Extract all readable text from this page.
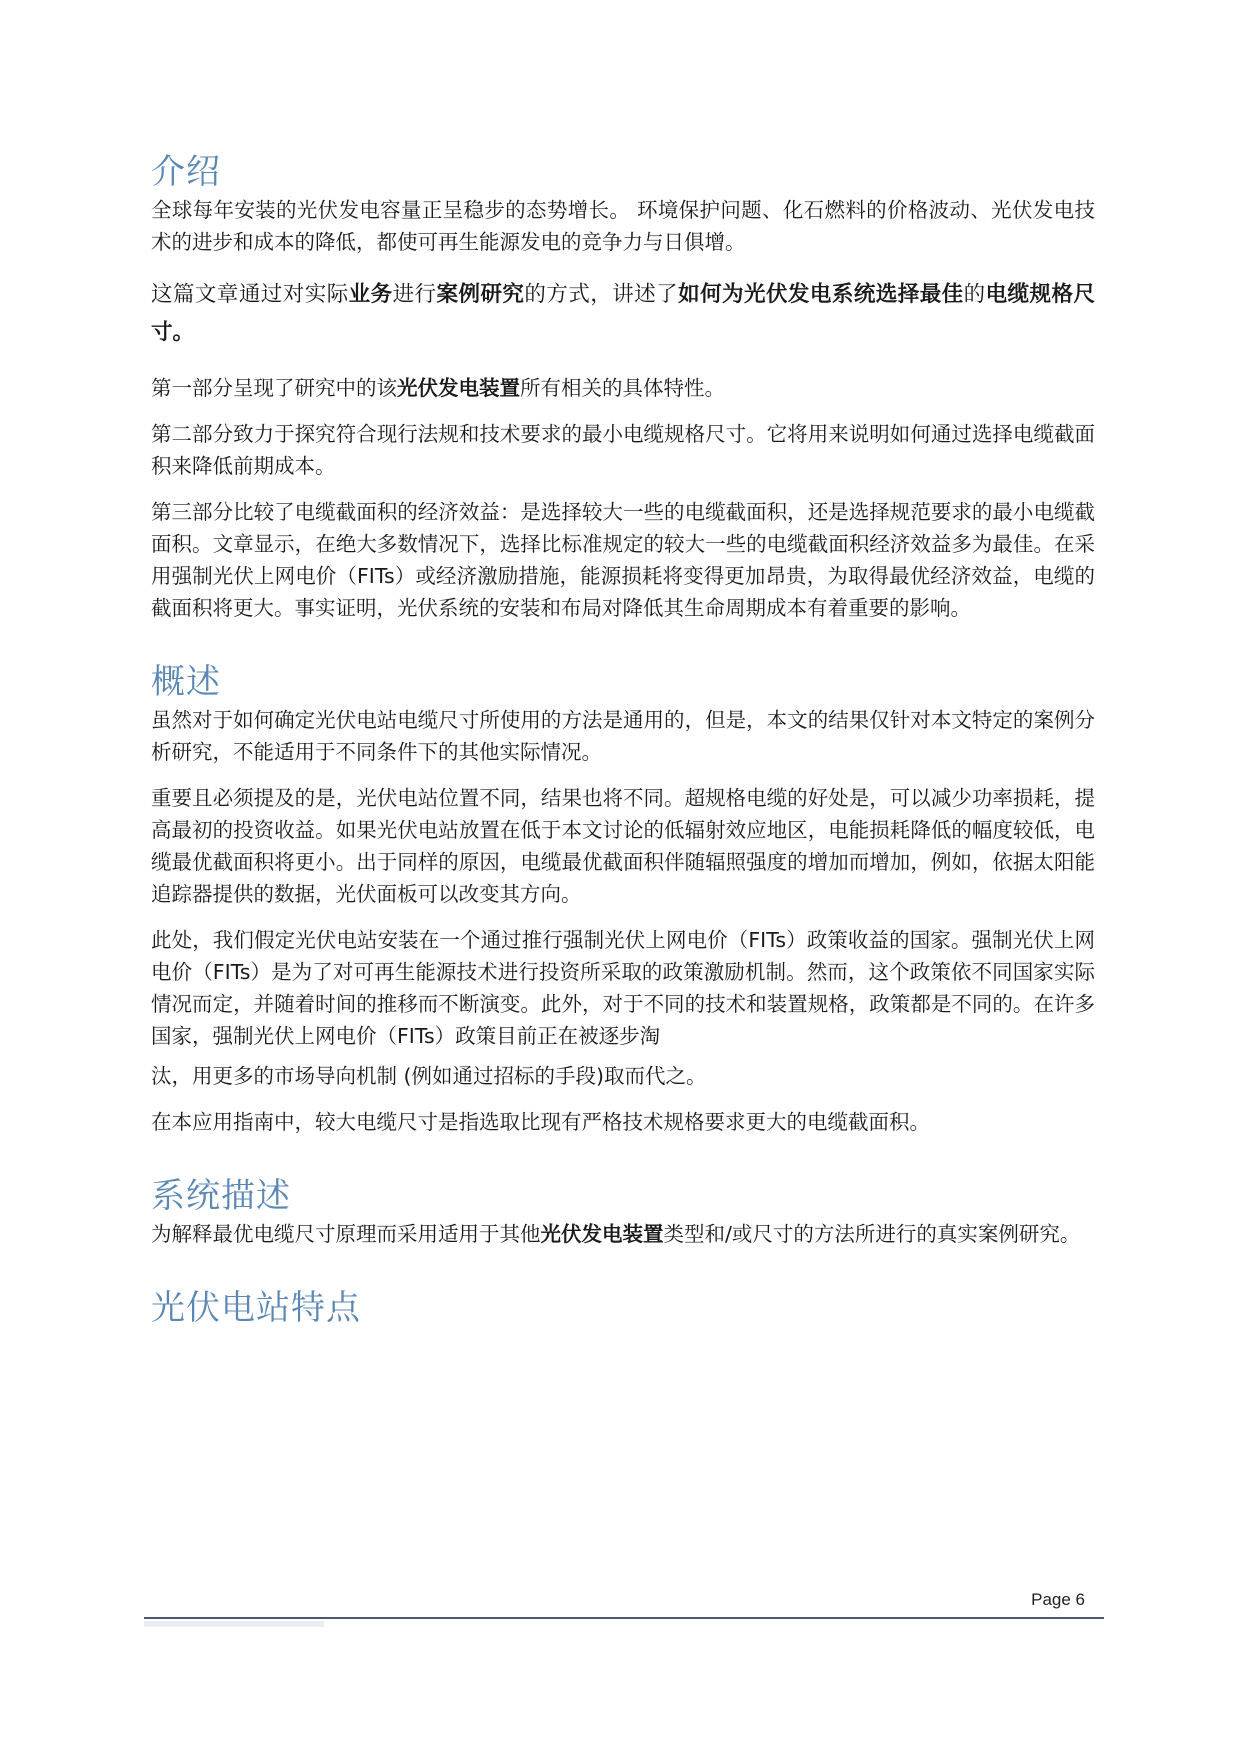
介绍

全球每年安装的光伏发电容量正呈稳步的态势增长。 环境保护问题、化石燃料的价格波动、光伏发电技术的进步和成本的降低，都使可再生能源发电的竞争力与日俱增。

这篇文章通过对实际业务进行案例研究的方式，讲述了如何为光伏发电系统选择最佳的电缆规格尺寸。

第一部分呈现了研究中的该光伏发电装置所有相关的具体特性。

第二部分致力于探究符合现行法规和技术要求的最小电缆规格尺寸。它将用来说明如何通过选择电缆截面积来降低前期成本。

第三部分比较了电缆截面积的经济效益：是选择较大一些的电缆截面积，还是选择规范要求的最小电缆截面积。文章显示，在绝大多数情况下，选择比标准规定的较大一些的电缆截面积经济效益多为最佳。在采用强制光伏上网电价（FITs）或经济激励措施，能源损耗将变得更加昂贵，为取得最优经济效益，电缆的截面积将更大。事实证明，光伏系统的安装和布局对降低其生命周期成本有着重要的影响。

概述

虽然对于如何确定光伏电站电缆尺寸所使用的方法是通用的，但是，本文的结果仅针对本文特定的案例分析研究，不能适用于不同条件下的其他实际情况。

重要且必须提及的是，光伏电站位置不同，结果也将不同。超规格电缆的好处是，可以减少功率损耗，提高最初的投资收益。如果光伏电站放置在低于本文讨论的低辐射效应地区，电能损耗降低的幅度较低，电缆最优截面积将更小。出于同样的原因，电缆最优截面积伴随辐照强度的增加而增加，例如，依据太阳能追踪器提供的数据，光伏面板可以改变其方向。

此处，我们假定光伏电站安装在一个通过推行强制光伏上网电价（FITs）政策收益的国家。强制光伏上网电价（FITs）是为了对可再生能源技术进行投资所采取的政策激励机制。然而，这个政策依不同国家实际情况而定，并随着时间的推移而不断演变。此外，对于不同的技术和装置规格，政策都是不同的。在许多国家，强制光伏上网电价（FITs）政策目前正在被逐步淘

汰，用更多的市场导向机制 (例如通过招标的手段)取而代之。

在本应用指南中，较大电缆尺寸是指选取比现有严格技术规格要求更大的电缆截面积。

系统描述

为解释最优电缆尺寸原理而采用适用于其他光伏发电装置类型和/或尺寸的方法所进行的真实案例研究。

光伏电站特点
Page 6
